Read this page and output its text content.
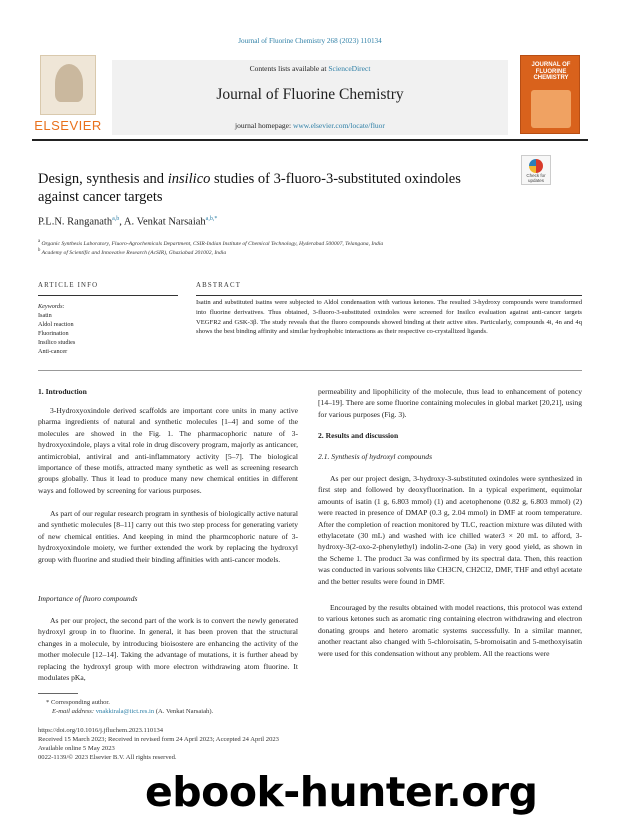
Journal of Fluorine Chemistry 268 (2023) 110134
ELSEVIER
Contents lists available at ScienceDirect
Journal of Fluorine Chemistry
journal homepage: www.elsevier.com/locate/fluor
JOURNAL OF FLUORINE CHEMISTRY
Design, synthesis and insilico studies of 3-fluoro-3-substituted oxindoles
against cancer targets
Check for updates
P.L.N. Ranganath$^{a,b}$, A. Venkat Narsaiah$^{a,b,*}$
$^a$ Organic Synthesis Laboratory, Fluoro-Agrochemicals Department, CSIR-Indian Institute of Chemical Technology, Hyderabad 500007, Telangana, India
$^b$ Academy of Scientific and Innovative Research (AcSIR), Ghaziabad 201002, India
ARTICLE INFO	ABSTRACT
Keywords:
Isatin
Aldol reaction
Fluorination
Insilico studies
Anti-cancer
Isatin and substituted isatins were subjected to Aldol condensation with various ketones. The resulted 3-hydroxy compounds were transformed into fluorine derivatives. Thus obtained, 3-fluoro-3-substituted oxindoles were screened for Insilco evaluation against anti-cancer targets VEGFR2 and GSK-3β. The study reveals that the fluoro compounds showed binding at their active sites. Particularly, compounds 4i, 4n and 4q shows the best binding affinity and similar hydrophobic interactions as their respective co-crystallized ligands.
1. Introduction
3-Hydroxyoxindole derived scaffolds are important core units in many active pharma ingredients of natural and synthetic molecules [1–4] and some of the molecules are showed in the Fig. 1. The pharmacophoric nature of 3-hydroxyoxindole, plays a vital role in drug discovery program, majorly as anticancer, antimicrobial, antiviral and anti-inflammatory activity [5–7]. The biological importance of these motifs, attracted many synthetic as well as screening research groups globally. Thus it lead to produce many new chemical entities in different ways and followed by screening for various purposes.
As part of our regular research program in synthesis of biologically active natural and synthetic molecules [8–11] carry out this two step process for generating variety of new chemical entities. And keeping in mind the pharmcophoric nature of 3-hydroxyoxindole moiety, we further extended the work by replacing the hydroxyl group with fluorine and studied their binding affinities with anti-cancer models.
Importance of fluoro compounds
As per our project, the second part of the work is to convert the newly generated hydroxyl group in to fluorine. In general, it has been proven that the structural changes in a molecule, by introducing bioisostere are enhancing the activity of the mother molecule [12–14]. Taking the advantage of mutations, it is further ahead by replacing the hydroxyl group with more electron withdrawing atom fluorine. It modulates pKa,
permeability and lipophilicity of the molecule, thus lead to enhancement of potency [14–19]. There are some fluorine containing molecules in global market [20,21], using for various purposes (Fig. 3).
2. Results and discussion
2.1. Synthesis of hydroxyl compounds
As per our project design, 3-hydroxy-3-substituted oxindoles were synthesized in first step and followed by deoxyfluorination. In a typical experiment, equimolar amounts of isatin (1 g, 6.803 mmol) (1) and acetophenone (0.82 g, 6.803 mmol) (2) were reacted in presence of DMAP (0.3 g, 2.04 mmol) in DMF at room temperature. After the completion of reaction monitored by TLC, reaction mixture was diluted with ethylacetate (30 mL) and washed with ice chilled water3 × 20 mL to afford, 3-hydroxy-3(2-oxo-2-phenylethyl) indolin-2-one (3a) in very good yield, as shown in the Scheme 1. The product 3a was confirmed by its spectral data. Then, this reaction was conducted in various solvents like CH3CN, CH2Cl2, DMF, THF and ethyl acetate and the better results were found in DMF.
Encouraged by the results obtained with model reactions, this protocol was extend to various ketones such as aromatic ring containing electron withdrawing and electron donating groups and hetero aromatic systems successfully. In a similar manner, another reactant also changed with 5-chloroisatin, 5-bromoisatin and 5-methoxyisatin were used for this condensation without any problem. All the reactions were
* Corresponding author.
E-mail address: vnakkirala@iict.res.in (A. Venkat Narsaiah).
https://doi.org/10.1016/j.jfluchem.2023.110134
Received 15 March 2023; Received in revised form 24 April 2023; Accepted 24 April 2023
Available online 5 May 2023
0022-1139/© 2023 Elsevier B.V. All rights reserved.
ebook-hunter.org
